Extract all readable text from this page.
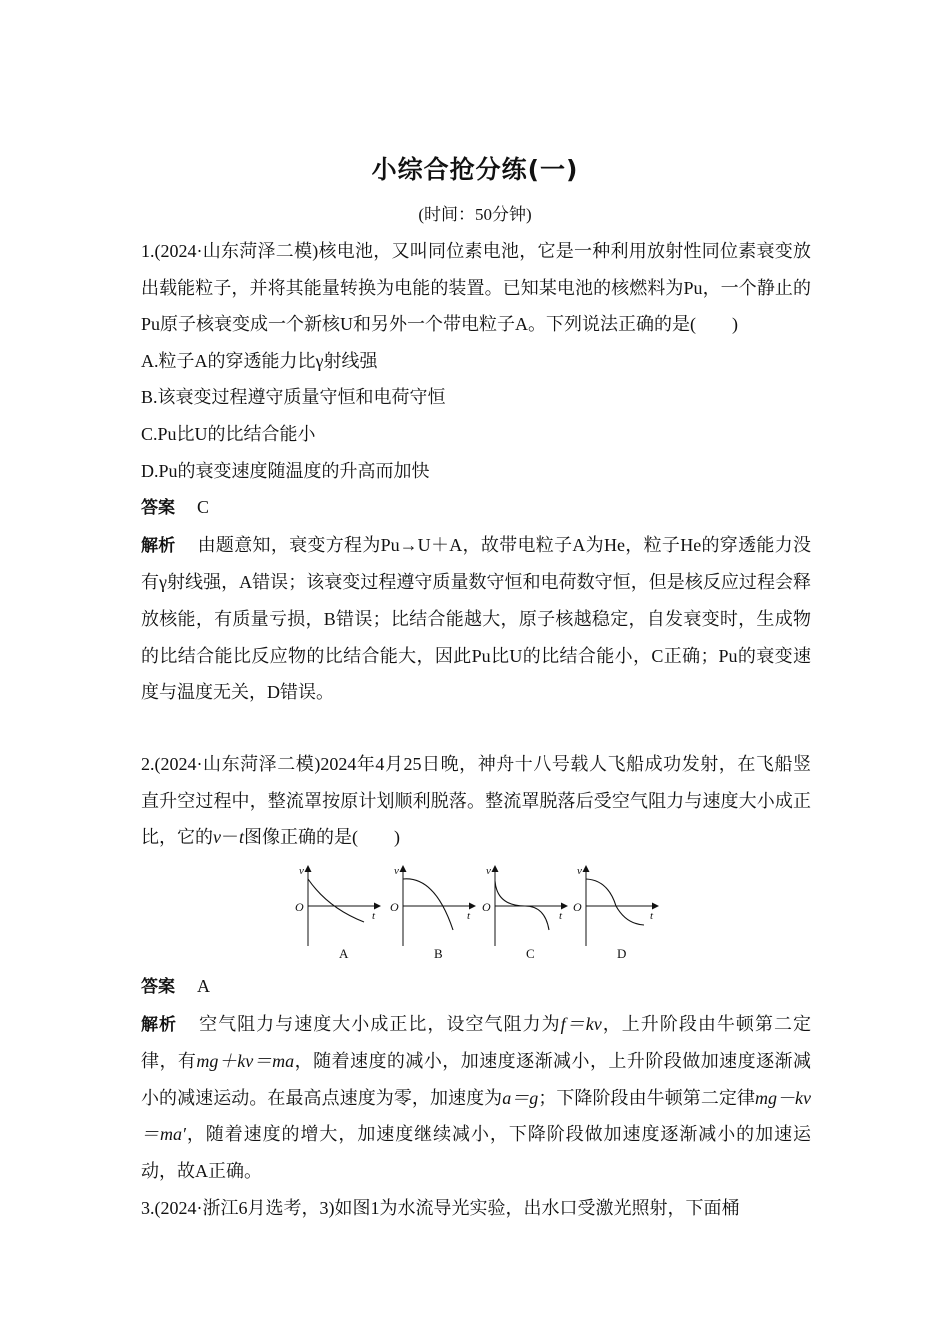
小综合抢分练(一)
(时间：50分钟)

1.(2024·山东菏泽二模)核电池，又叫同位素电池，它是一种利用放射性同位素衰变放出载能粒子，并将其能量转换为电能的装置。已知某电池的核燃料为Pu，一个静止的Pu原子核衰变成一个新核U和另外一个带电粒子A。下列说法正确的是(　　)

A.粒子A的穿透能力比γ射线强

B.该衰变过程遵守质量守恒和电荷守恒

C.Pu比U的比结合能小

D.Pu的衰变速度随温度的升高而加快

答案 C

解析 由题意知，衰变方程为Pu→U＋A，故带电粒子A为He，粒子He的穿透能力没有γ射线强，A错误；该衰变过程遵守质量数守恒和电荷数守恒，但是核反应过程会释放核能，有质量亏损，B错误；比结合能越大，原子核越稳定，自发衰变时，生成物的比结合能比反应物的比结合能大，因此Pu比U的比结合能小，C正确；Pu的衰变速度与温度无关，D错误。

2.(2024·山东菏泽二模)2024年4月25日晚，神舟十八号载人飞船成功发射，在飞船竖直升空过程中，整流罩按原计划顺利脱落。整流罩脱落后受空气阻力与速度大小成正比，它的v－t图像正确的是(　　)

v
t
O
A
v
t
O
B
v
t
O
C
v
t
O
D

答案 A

解析 空气阻力与速度大小成正比，设空气阻力为f＝kv，上升阶段由牛顿第二定律，有mg＋kv＝ma，随着速度的减小，加速度逐渐减小，上升阶段做加速度逐渐减小的减速运动。在最高点速度为零，加速度为a＝g；下降阶段由牛顿第二定律mg－kv＝ma′，随着速度的增大，加速度继续减小，下降阶段做加速度逐渐减小的加速运动，故A正确。

3.(2024·浙江6月选考，3)如图1为水流导光实验，出水口受激光照射，下面桶
